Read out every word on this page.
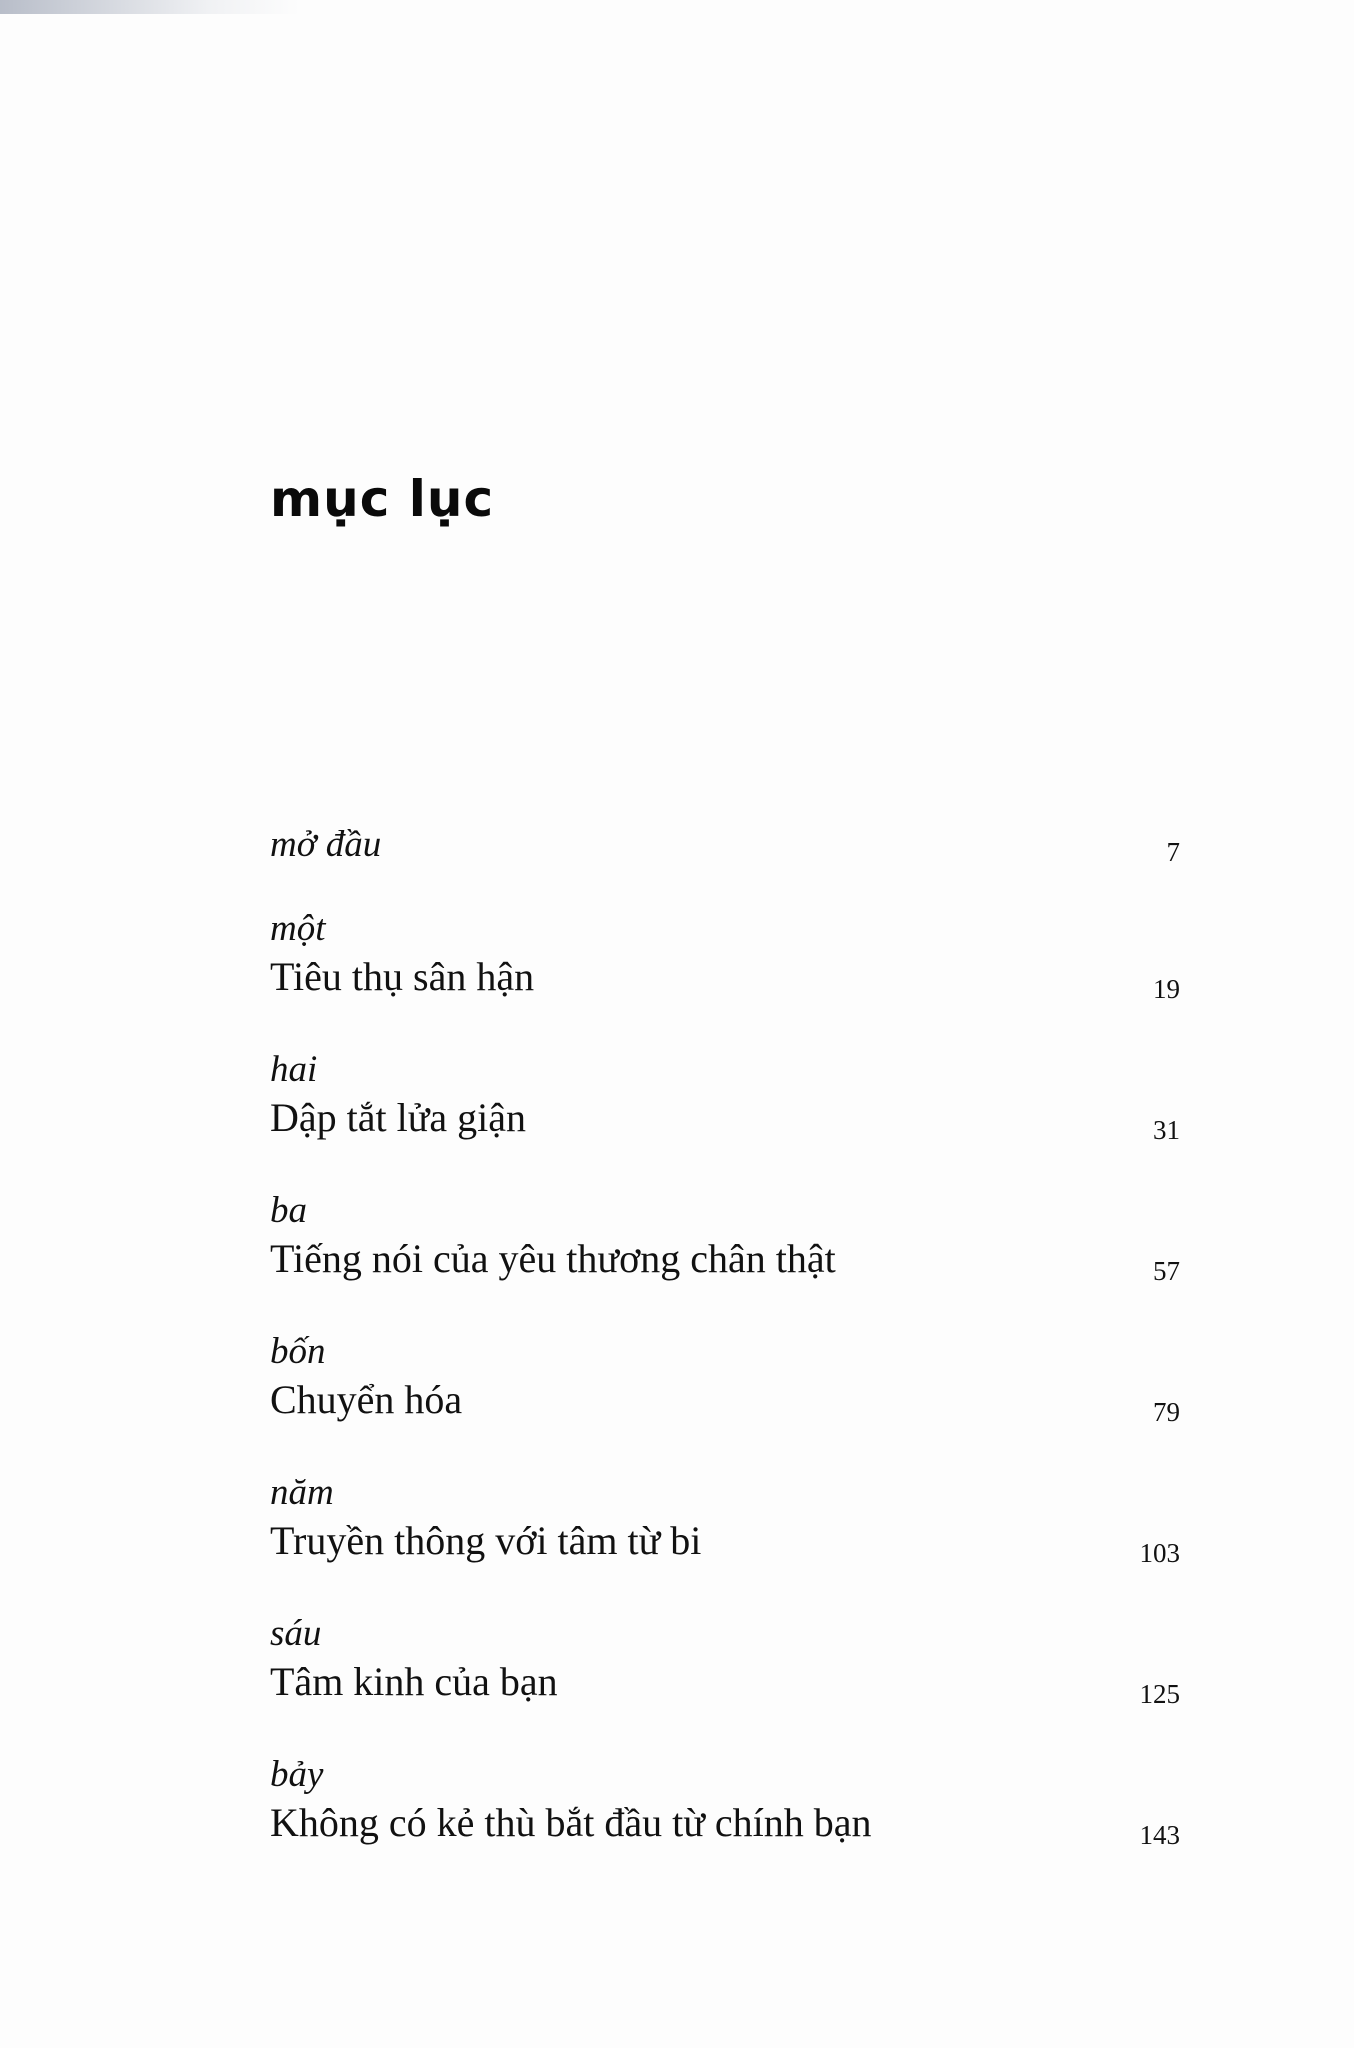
mục lục
mở đầu	7
một
Tiêu thụ sân hận	19
hai
Dập tắt lửa giận	31
ba
Tiếng nói của yêu thương chân thật	57
bốn
Chuyển hóa	79
năm
Truyền thông với tâm từ bi	103
sáu
Tâm kinh của bạn	125
bảy
Không có kẻ thù bắt đầu từ chính bạn	143
